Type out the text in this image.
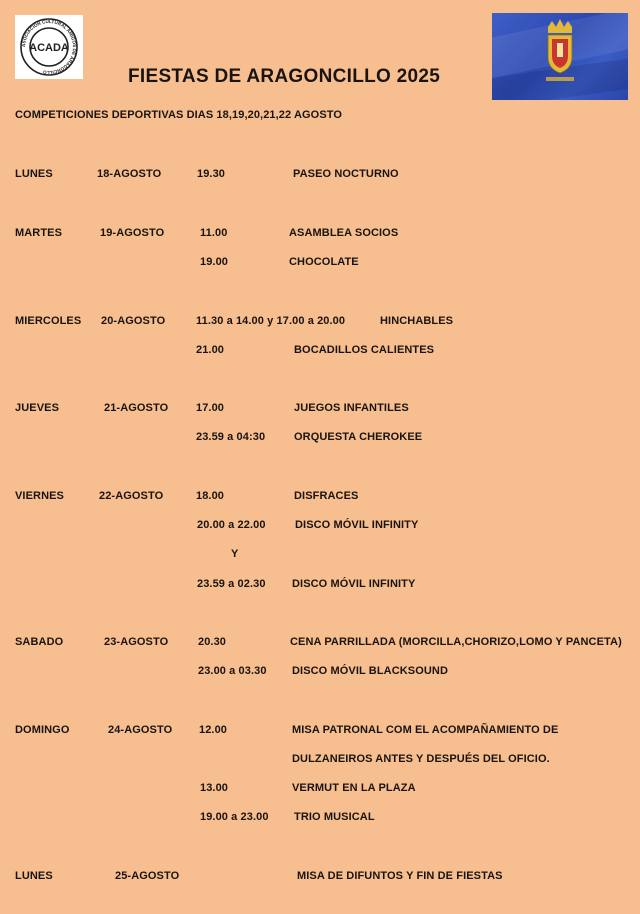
ASOCIACIÓN CULTURAL AMIGOS DE ARAGONCILLO
ACADA
FIESTAS DE ARAGONCILLO 2025
COMPETICIONES DEPORTIVAS DIAS 18,19,20,21,22 AGOSTO
LUNES	18-AGOSTO	19.30	PASEO NOCTURNO
MARTES	19-AGOSTO	11.00	ASAMBLEA SOCIOS
19.00	CHOCOLATE
MIERCOLES 20-AGOSTO	11.30 a 14.00 y 17.00 a 20.00	HINCHABLES
21.00	BOCADILLOS CALIENTES
JUEVES	21-AGOSTO	17.00	JUEGOS INFANTILES
23.59 a 04:30	ORQUESTA CHEROKEE
VIERNES	22-AGOSTO	18.00	DISFRACES
20.00 a 22.00	DISCO MÓVIL INFINITY
Y
23.59 a 02.30 DISCO MÓVIL INFINITY
SABADO	23-AGOSTO	20.30	CENA PARRILLADA (MORCILLA,CHORIZO,LOMO Y PANCETA)
23.00 a 03.30 DISCO MÓVIL BLACKSOUND
DOMINGO	24-AGOSTO 12.00	MISA PATRONAL COM EL ACOMPAÑAMIENTO DE
DULZANEIROS ANTES Y DESPUÉS DEL OFICIO.
13.00	VERMUT EN LA PLAZA
19.00 a 23.00 TRIO MUSICAL
LUNES	25-AGOSTO	MISA DE DIFUNTOS Y FIN DE FIESTAS
